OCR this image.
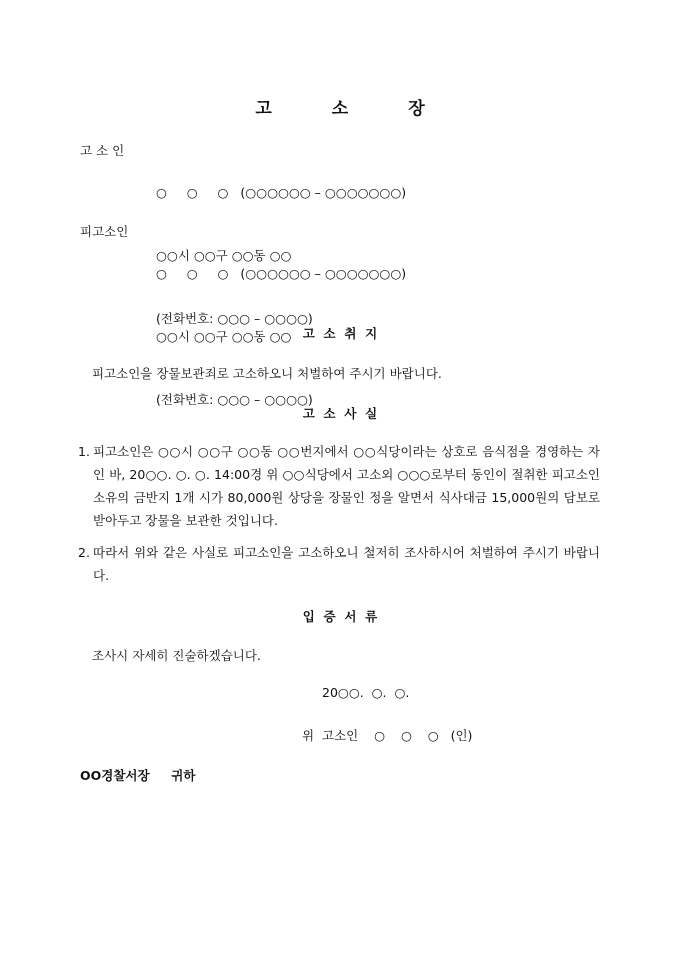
고	소	장
고 소 인

○     ○     ○   (○○○○○○ – ○○○○○○○)

○○시 ○○구 ○○동 ○○

(전화번호: ○○○ – ○○○○)

피고소인

○     ○     ○   (○○○○○○ – ○○○○○○○)

○○시 ○○구 ○○동 ○○

(전화번호: ○○○ – ○○○○)

고  소  취  지
피고소인을 장물보관죄로 고소하오니 처벌하여 주시기 바랍니다.
고  소  사  실
1. 피고소인은 ○○시 ○○구 ○○동 ○○번지에서 ○○식당이라는 상호로 음식점을 경영하는 자인 바, 20○○. ○. ○. 14:00경 위 ○○식당에서 고소외 ○○○로부터 동인이 절취한 피고소인 소유의 금반지 1개 시가 80,000원 상당을 장물인 정을 알면서 식사대금 15,000원의 담보로 받아두고 장물을 보관한 것입니다.
2. 따라서 위와 같은 사실로 피고소인을 고소하오니 철저히 조사하시어 처벌하여 주시기 바랍니다.
입  증  서  류
조사시 자세히 진술하겠습니다.
20○○.  ○.  ○.
위  고소인    ○    ○    ○   (인)
OO경찰서장     귀하
